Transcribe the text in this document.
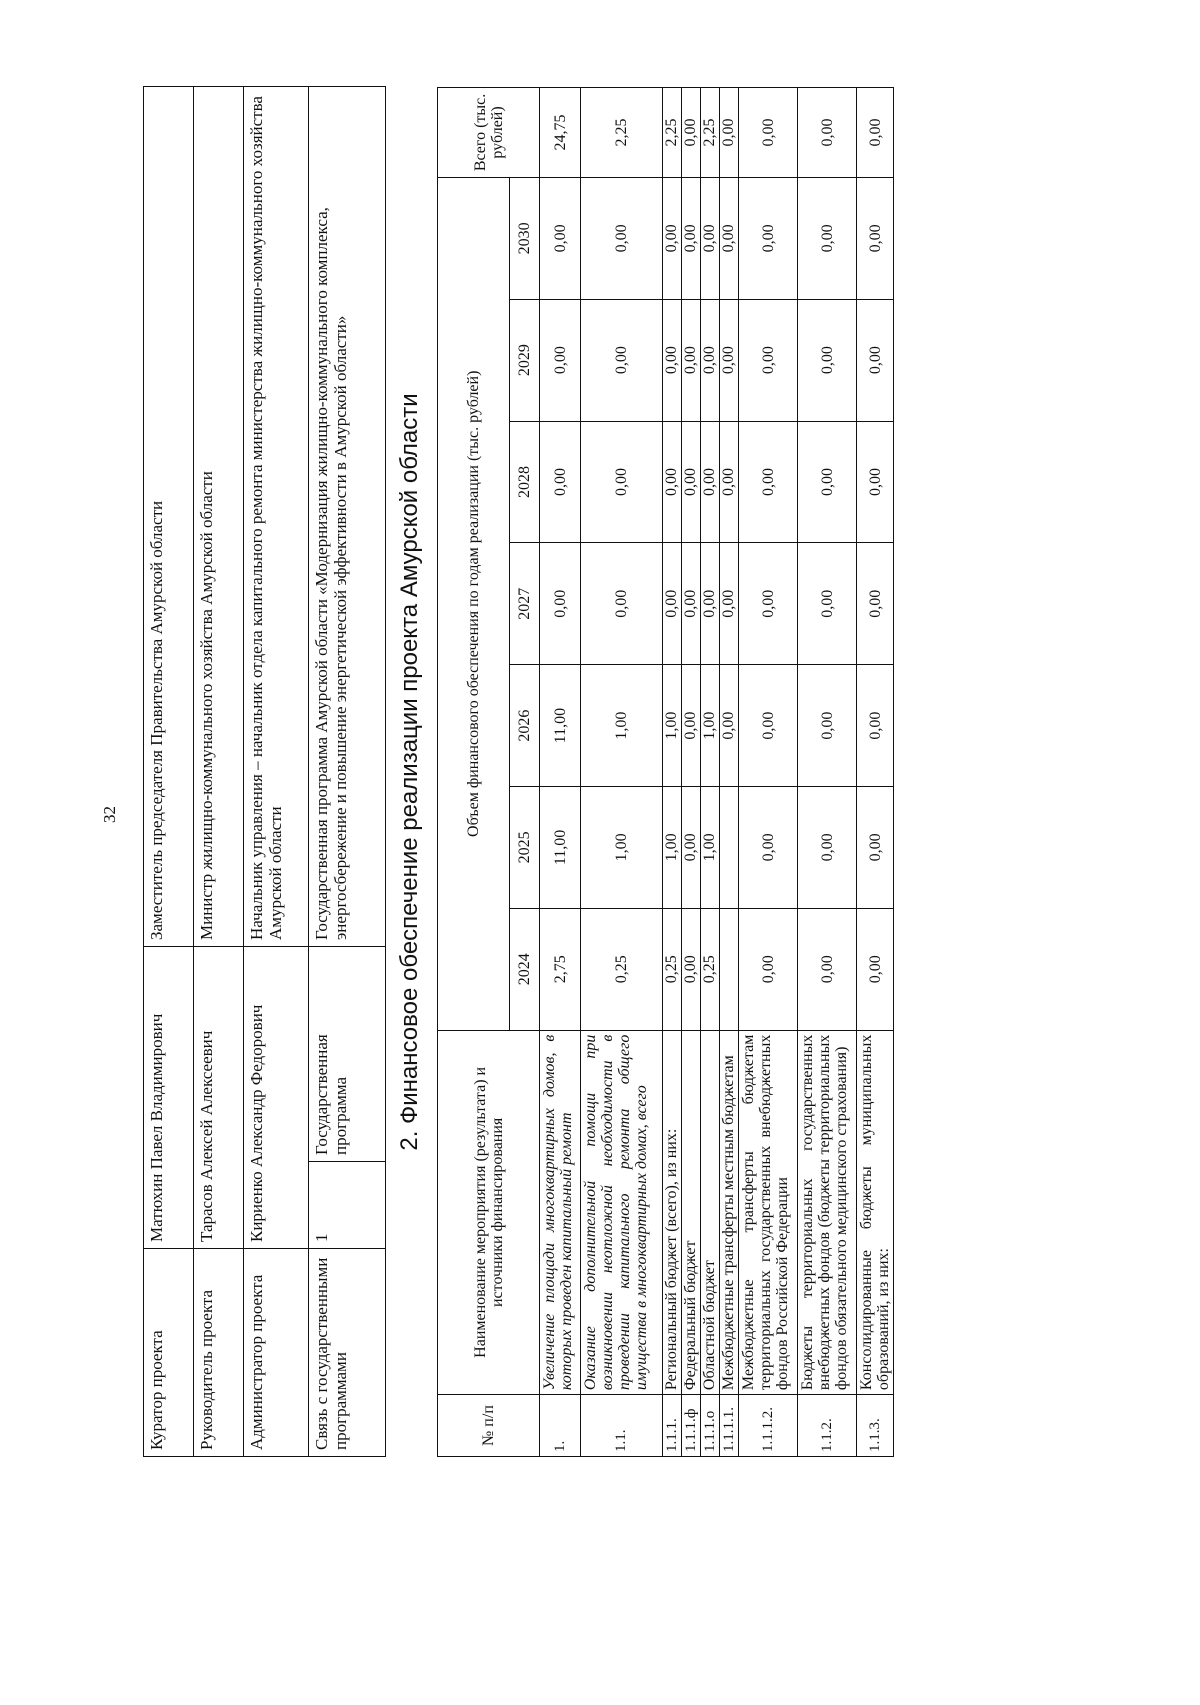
32
Куратор проекта	Матюхин Павел Владимирович		Заместитель председателя Правительства Амурской области
Руководитель проекта	Тарасов Алексей Алексеевич		Министр жилищно-коммунального хозяйства Амурской области
Администратор проекта	Кириенко Александр Федорович		Начальник управления – начальник отдела капитального ремонта министерства жилищно-коммунального хозяйства Амурской области
Связь с государственными программами	1	Государственная программа	Государственная программа Амурской области «Модернизация жилищно-коммунального комплекса, энергосбережение и повышение энергетической эффективности в Амурской области» 2. Финансовое обеспечение реализации проекта Амурской области
№ п/п	Наименование мероприятия (результата) и источники финансирования	Объем финансового обеспечения по годам реализации (тыс. рублей)							Всего (тыс. рублей)
		2024	2025	2026	2027	2028	2029	2030	
1.	Увеличение площади многоквартирных домов, в которых проведен капитальный ремонт	2,75	11,00	11,00	0,00	0,00	0,00	0,00	24,75
1.1.	Оказание дополнительной помощи при возникновении неотложной необходимости в проведении капитального ремонта общего имущества в многоквартирных домах, всего	0,25	1,00	1,00	0,00	0,00	0,00	0,00	2,25
1.1.1.	Региональный бюджет (всего), из них:	0,25	1,00	1,00	0,00	0,00	0,00	0,00	2,25
1.1.1.ф	Федеральный бюджет	0,00	0,00	0,00	0,00	0,00	0,00	0,00	0,00
1.1.1.о	Областной бюджет	0,25	1,00	1,00	0,00	0,00	0,00	0,00	2,25
1.1.1.1.	Межбюджетные трансферты местным бюджетам			0,00	0,00	0,00	0,00	0,00	0,00
1.1.1.2.	Межбюджетные трансферты бюджетам территориальных государственных внебюджетных фондов Российской Федерации	0,00	0,00	0,00	0,00	0,00	0,00	0,00	0,00
1.1.2.	Бюджеты территориальных государственных внебюджетных фондов (бюджеты территориальных фондов обязательного медицинского страхования)	0,00	0,00	0,00	0,00	0,00	0,00	0,00	0,00
1.1.3.	Консолидированные бюджеты муниципальных образований, из них:	0,00	0,00	0,00	0,00	0,00	0,00	0,00	0,00
